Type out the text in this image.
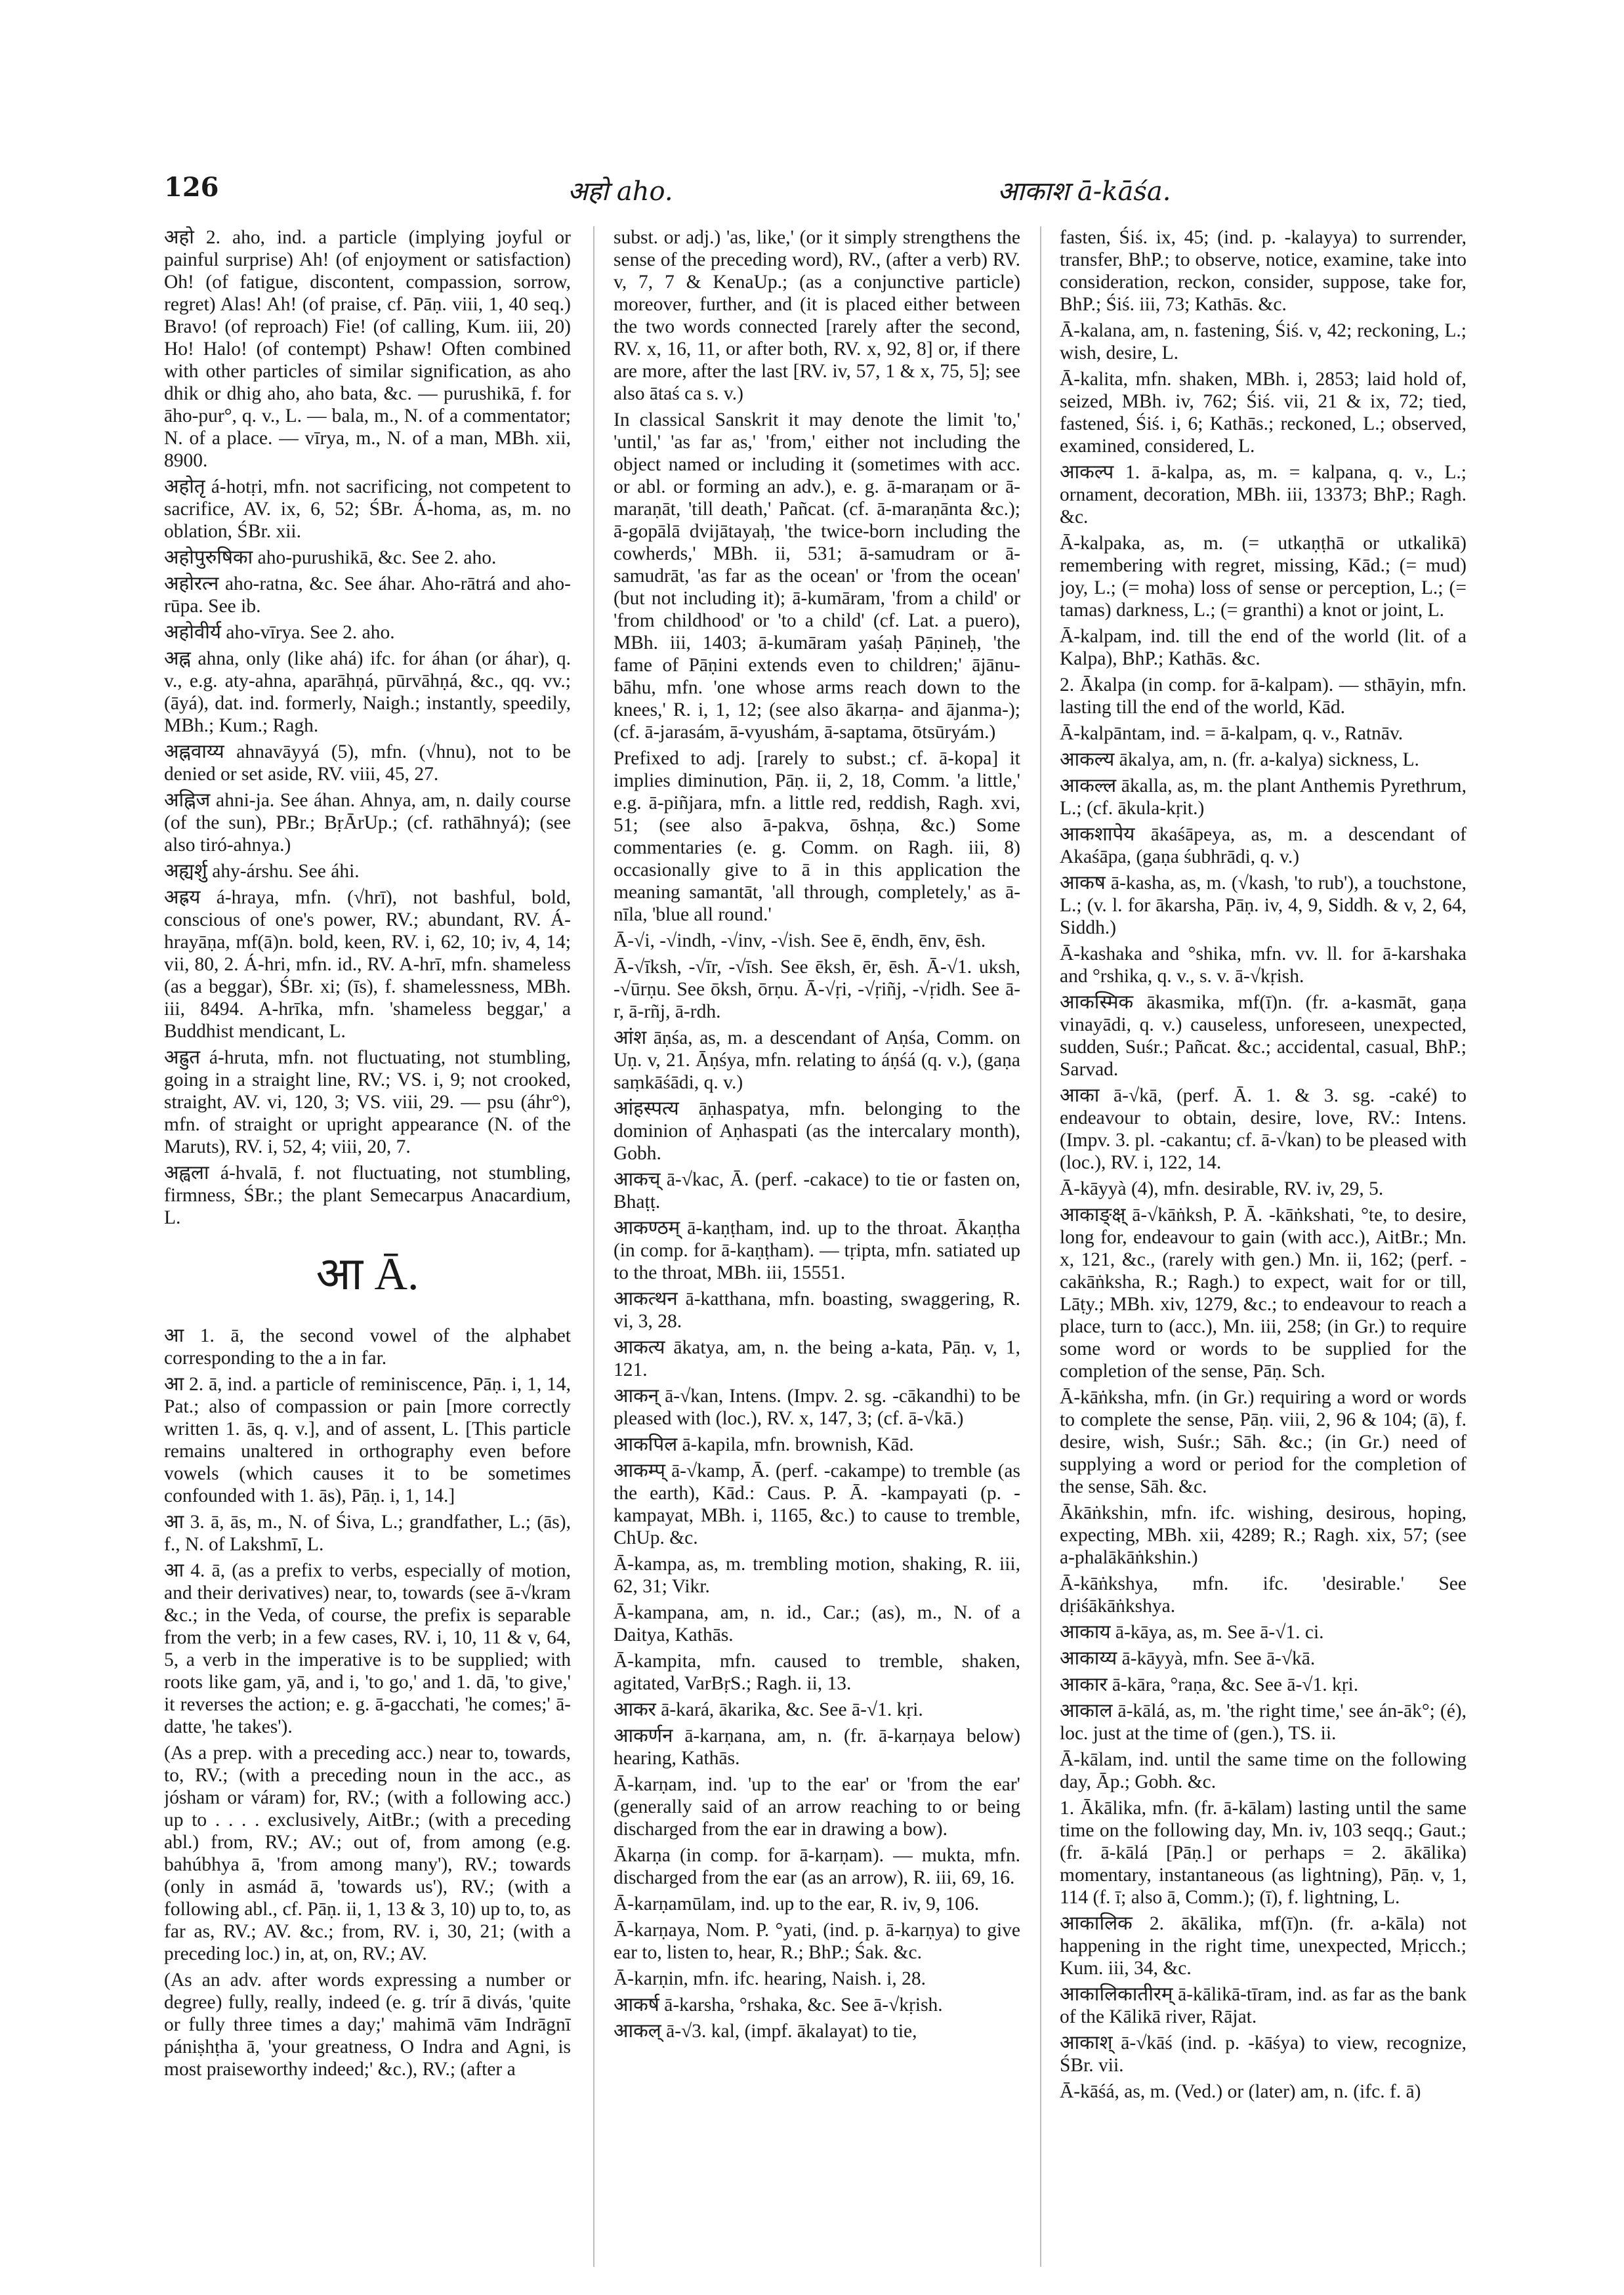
126	अहो aho.	आकाश ā-kāśa.
अहो 2. aho, ind. a particle (implying joyful or painful surprise) Ah! (of enjoyment or satisfaction) Oh! (of fatigue, discontent, compassion, sorrow, regret) Alas! Ah! (of praise, cf. Pāṇ. viii, 1, 40 seq.) Bravo! (of reproach) Fie! (of calling, Kum. iii, 20) Ho! Halo! (of contempt) Pshaw! Often combined with other particles of similar signification, as aho dhik or dhig aho, aho bata, &c. — purushikā, f. for āho-pur°, q. v., L. — bala, m., N. of a commentator; N. of a place. — vīrya, m., N. of a man, MBh. xii, 8900.
अहोतृ á-hotṛi, mfn. not sacrificing, not competent to sacrifice, AV. ix, 6, 52; ŚBr. Á-homa, as, m. no oblation, ŚBr. xii.
अहोपुरुषिका aho-purushikā, &c. See 2. aho.
अहोरत्न aho-ratna, &c. See áhar. Aho-rātrá and aho-rūpa. See ib.
अहोवीर्य aho-vīrya. See 2. aho.
अह्न ahna, only (like ahá) ifc. for áhan (or áhar), q. v., e.g. aty-ahna, aparāhṇá, pūrvāhṇá, &c., qq. vv.; (āyá), dat. ind. formerly, Naigh.; instantly, speedily, MBh.; Kum.; Ragh.
अह्नवाय्य ahnavāyyá (5), mfn. (√hnu), not to be denied or set aside, RV. viii, 45, 27.
अह्निज ahni-ja. See áhan. Ahnya, am, n. daily course (of the sun), PBr.; BṛĀrUp.; (cf. rathāhnyá); (see also tiró-ahnya.)
अह्यर्शु ahy-árshu. See áhi.
अह्रय á-hraya, mfn. (√hrī), not bashful, bold, conscious of one's power, RV.; abundant, RV. Á-hrayāṇa, mf(ā)n. bold, keen, RV. i, 62, 10; iv, 4, 14; vii, 80, 2. Á-hri, mfn. id., RV. A-hrī, mfn. shameless (as a beggar), ŚBr. xi; (īs), f. shamelessness, MBh. iii, 8494. A-hrīka, mfn. 'shameless beggar,' a Buddhist mendicant, L.
अह्रुत á-hruta, mfn. not fluctuating, not stumbling, going in a straight line, RV.; VS. i, 9; not crooked, straight, AV. vi, 120, 3; VS. viii, 29. — psu (áhr°), mfn. of straight or upright appearance (N. of the Maruts), RV. i, 52, 4; viii, 20, 7.
अह्वला á-hvalā, f. not fluctuating, not stumbling, firmness, ŚBr.; the plant Semecarpus Anacardium, L.
आ Ā.
आ 1. ā, the second vowel of the alphabet corresponding to the a in far.
आ 2. ā, ind. a particle of reminiscence, Pāṇ. i, 1, 14, Pat.; also of compassion or pain [more correctly written 1. ās, q. v.], and of assent, L. [This particle remains unaltered in orthography even before vowels (which causes it to be sometimes confounded with 1. ās), Pāṇ. i, 1, 14.]
आ 3. ā, ās, m., N. of Śiva, L.; grandfather, L.; (ās), f., N. of Lakshmī, L.
आ 4. ā, (as a prefix to verbs, especially of motion, and their derivatives) near, to, towards (see ā-√kram &c.; in the Veda, of course, the prefix is separable from the verb; in a few cases, RV. i, 10, 11 & v, 64, 5, a verb in the imperative is to be supplied; with roots like gam, yā, and i, 'to go,' and 1. dā, 'to give,' it reverses the action; e. g. ā-gacchati, 'he comes;' ā-datte, 'he takes').
(As a prep. with a preceding acc.) near to, towards, to, RV.; (with a preceding noun in the acc., as jósham or váram) for, RV.; (with a following acc.) up to . . . . exclusively, AitBr.; (with a preceding abl.) from, RV.; AV.; out of, from among (e.g. bahúbhya ā, 'from among many'), RV.; towards (only in asmád ā, 'towards us'), RV.; (with a following abl., cf. Pāṇ. ii, 1, 13 & 3, 10) up to, to, as far as, RV.; AV. &c.; from, RV. i, 30, 21; (with a preceding loc.) in, at, on, RV.; AV.
(As an adv. after words expressing a number or degree) fully, really, indeed (e. g. trír ā divás, 'quite or fully three times a day;' mahimā vām Indrāgnī pániṣhṭha ā, 'your greatness, O Indra and Agni, is most praiseworthy indeed;' &c.), RV.; (after a
subst. or adj.) 'as, like,' (or it simply strengthens the sense of the preceding word), RV., (after a verb) RV. v, 7, 7 & KenaUp.; (as a conjunctive particle) moreover, further, and (it is placed either between the two words connected [rarely after the second, RV. x, 16, 11, or after both, RV. x, 92, 8] or, if there are more, after the last [RV. iv, 57, 1 & x, 75, 5]; see also ātaś ca s. v.)
In classical Sanskrit it may denote the limit 'to,' 'until,' 'as far as,' 'from,' either not including the object named or including it (sometimes with acc. or abl. or forming an adv.), e. g. ā-maraṇam or ā-maraṇāt, 'till death,' Pañcat. (cf. ā-maraṇānta &c.); ā-gopālā dvijātayaḥ, 'the twice-born including the cowherds,' MBh. ii, 531; ā-samudram or ā-samudrāt, 'as far as the ocean' or 'from the ocean' (but not including it); ā-kumāram, 'from a child' or 'from childhood' or 'to a child' (cf. Lat. a puero), MBh. iii, 1403; ā-kumāram yaśaḥ Pāṇineḥ, 'the fame of Pāṇini extends even to children;' ājānu-bāhu, mfn. 'one whose arms reach down to the knees,' R. i, 1, 12; (see also ākarṇa- and ājanma-); (cf. ā-jarasám, ā-vyushám, ā-saptama, ōtsūryám.)
Prefixed to adj. [rarely to subst.; cf. ā-kopa] it implies diminution, Pāṇ. ii, 2, 18, Comm. 'a little,' e.g. ā-piñjara, mfn. a little red, reddish, Ragh. xvi, 51; (see also ā-pakva, ōshṇa, &c.) Some commentaries (e. g. Comm. on Ragh. iii, 8) occasionally give to ā in this application the meaning samantāt, 'all through, completely,' as ā-nīla, 'blue all round.'
Ā-√i, -√indh, -√inv, -√ish. See ē, ēndh, ēnv, ēsh.
Ā-√īksh, -√īr, -√īsh. See ēksh, ēr, ēsh. Ā-√1. uksh, -√ūrṇu. See ōksh, ōrṇu. Ā-√ṛi, -√ṛiñj, -√ṛidh. See ā-r, ā-rñj, ā-rdh.
आंश āṇśa, as, m. a descendant of Aṇśa, Comm. on Uṇ. v, 21. Āṇśya, mfn. relating to áṇśá (q. v.), (gaṇa saṃkāśādi, q. v.)
आंहस्पत्य āṇhaspatya, mfn. belonging to the dominion of Aṇhaspati (as the intercalary month), Gobh.
आकच् ā-√kac, Ā. (perf. -cakace) to tie or fasten on, Bhaṭṭ.
आकण्ठम् ā-kaṇṭham, ind. up to the throat. Ākaṇṭha (in comp. for ā-kaṇṭham). — tṛipta, mfn. satiated up to the throat, MBh. iii, 15551.
आकत्थन ā-katthana, mfn. boasting, swaggering, R. vi, 3, 28.
आकत्य ākatya, am, n. the being a-kata, Pāṇ. v, 1, 121.
आकन् ā-√kan, Intens. (Impv. 2. sg. -cākandhi) to be pleased with (loc.), RV. x, 147, 3; (cf. ā-√kā.)
आकपिल ā-kapila, mfn. brownish, Kād.
आकम्प् ā-√kamp, Ā. (perf. -cakampe) to tremble (as the earth), Kād.: Caus. P. Ā. -kampayati (p. -kampayat, MBh. i, 1165, &c.) to cause to tremble, ChUp. &c.
Ā-kampa, as, m. trembling motion, shaking, R. iii, 62, 31; Vikr.
Ā-kampana, am, n. id., Car.; (as), m., N. of a Daitya, Kathās.
Ā-kampita, mfn. caused to tremble, shaken, agitated, VarBṛS.; Ragh. ii, 13.
आकर ā-kará, ākarika, &c. See ā-√1. kṛi.
आकर्णन ā-karṇana, am, n. (fr. ā-karṇaya below) hearing, Kathās.
Ā-karṇam, ind. 'up to the ear' or 'from the ear' (generally said of an arrow reaching to or being discharged from the ear in drawing a bow).
Ākarṇa (in comp. for ā-karṇam). — mukta, mfn. discharged from the ear (as an arrow), R. iii, 69, 16.
Ā-karṇamūlam, ind. up to the ear, R. iv, 9, 106.
Ā-karṇaya, Nom. P. °yati, (ind. p. ā-karṇya) to give ear to, listen to, hear, R.; BhP.; Śak. &c.
Ā-karṇin, mfn. ifc. hearing, Naish. i, 28.
आकर्ष ā-karsha, °rshaka, &c. See ā-√kṛish.
आकल् ā-√3. kal, (impf. ākalayat) to tie,
fasten, Śiś. ix, 45; (ind. p. -kalayya) to surrender, transfer, BhP.; to observe, notice, examine, take into consideration, reckon, consider, suppose, take for, BhP.; Śiś. iii, 73; Kathās. &c.
Ā-kalana, am, n. fastening, Śiś. v, 42; reckoning, L.; wish, desire, L.
Ā-kalita, mfn. shaken, MBh. i, 2853; laid hold of, seized, MBh. iv, 762; Śiś. vii, 21 & ix, 72; tied, fastened, Śiś. i, 6; Kathās.; reckoned, L.; observed, examined, considered, L.
आकल्प 1. ā-kalpa, as, m. = kalpana, q. v., L.; ornament, decoration, MBh. iii, 13373; BhP.; Ragh. &c.
Ā-kalpaka, as, m. (= utkaṇṭhā or utkalikā) remembering with regret, missing, Kād.; (= mud) joy, L.; (= moha) loss of sense or perception, L.; (= tamas) darkness, L.; (= granthi) a knot or joint, L.
Ā-kalpam, ind. till the end of the world (lit. of a Kalpa), BhP.; Kathās. &c.
2. Ākalpa (in comp. for ā-kalpam). — sthāyin, mfn. lasting till the end of the world, Kād.
Ā-kalpāntam, ind. = ā-kalpam, q. v., Ratnāv.
आकल्य ākalya, am, n. (fr. a-kalya) sickness, L.
आकल्ल ākalla, as, m. the plant Anthemis Pyrethrum, L.; (cf. ākula-kṛit.)
आकशापेय ākaśāpeya, as, m. a descendant of Akaśāpa, (gaṇa śubhrādi, q. v.)
आकष ā-kasha, as, m. (√kash, 'to rub'), a touchstone, L.; (v. l. for ākarsha, Pāṇ. iv, 4, 9, Siddh. & v, 2, 64, Siddh.)
Ā-kashaka and °shika, mfn. vv. ll. for ā-karshaka and °rshika, q. v., s. v. ā-√kṛish.
आकस्मिक ākasmika, mf(ī)n. (fr. a-kasmāt, gaṇa vinayādi, q. v.) causeless, unforeseen, unexpected, sudden, Suśr.; Pañcat. &c.; accidental, casual, BhP.; Sarvad.
आका ā-√kā, (perf. Ā. 1. & 3. sg. -caké) to endeavour to obtain, desire, love, RV.: Intens. (Impv. 3. pl. -cakantu; cf. ā-√kan) to be pleased with (loc.), RV. i, 122, 14.
Ā-kāyyà (4), mfn. desirable, RV. iv, 29, 5.
आकाङ्क्ष् ā-√kāṅksh, P. Ā. -kāṅkshati, °te, to desire, long for, endeavour to gain (with acc.), AitBr.; Mn. x, 121, &c., (rarely with gen.) Mn. ii, 162; (perf. -cakāṅksha, R.; Ragh.) to expect, wait for or till, Lāṭy.; MBh. xiv, 1279, &c.; to endeavour to reach a place, turn to (acc.), Mn. iii, 258; (in Gr.) to require some word or words to be supplied for the completion of the sense, Pāṇ. Sch.
Ā-kāṅksha, mfn. (in Gr.) requiring a word or words to complete the sense, Pāṇ. viii, 2, 96 & 104; (ā), f. desire, wish, Suśr.; Sāh. &c.; (in Gr.) need of supplying a word or period for the completion of the sense, Sāh. &c.
Ākāṅkshin, mfn. ifc. wishing, desirous, hoping, expecting, MBh. xii, 4289; R.; Ragh. xix, 57; (see a-phalākāṅkshin.)
Ā-kāṅkshya, mfn. ifc. 'desirable.' See dṛiśākāṅkshya.
आकाय ā-kāya, as, m. See ā-√1. ci.
आकाय्य ā-kāyyà, mfn. See ā-√kā.
आकार ā-kāra, °raṇa, &c. See ā-√1. kṛi.
आकाल ā-kālá, as, m. 'the right time,' see án-āk°; (é), loc. just at the time of (gen.), TS. ii.
Ā-kālam, ind. until the same time on the following day, Āp.; Gobh. &c.
1. Ākālika, mfn. (fr. ā-kālam) lasting until the same time on the following day, Mn. iv, 103 seqq.; Gaut.; (fr. ā-kālá [Pāṇ.] or perhaps = 2. ākālika) momentary, instantaneous (as lightning), Pāṇ. v, 1, 114 (f. ī; also ā, Comm.); (ī), f. lightning, L.
आकालिक 2. ākālika, mf(ī)n. (fr. a-kāla) not happening in the right time, unexpected, Mṛicch.; Kum. iii, 34, &c.
आकालिकातीरम् ā-kālikā-tīram, ind. as far as the bank of the Kālikā river, Rājat.
आकाश् ā-√kāś (ind. p. -kāśya) to view, recognize, ŚBr. vii.
Ā-kāśá, as, m. (Ved.) or (later) am, n. (ifc. f. ā)
